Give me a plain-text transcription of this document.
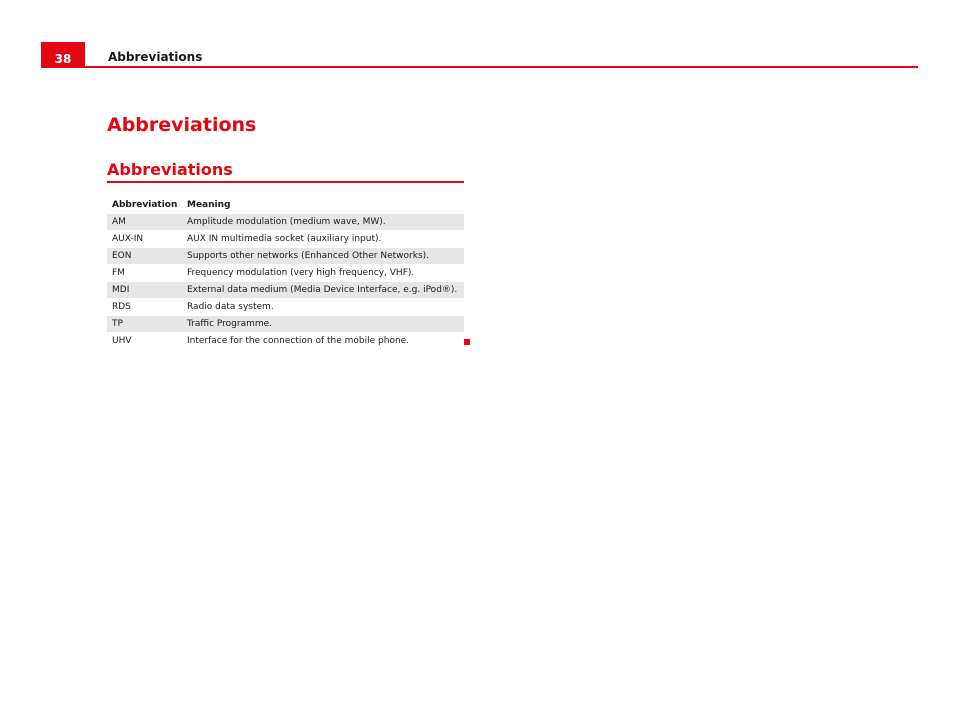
38	Abbreviations
Abbreviations
Abbreviations
Abbreviation	Meaning
AM	Amplitude modulation (medium wave, MW).
AUX-IN	AUX IN multimedia socket (auxiliary input).
EON	Supports other networks (Enhanced Other Networks).
FM	Frequency modulation (very high frequency, VHF).
MDI	External data medium (Media Device Interface, e.g. iPod®).
RDS	Radio data system.
TP	Traffic Programme.
UHV	Interface for the connection of the mobile phone.
